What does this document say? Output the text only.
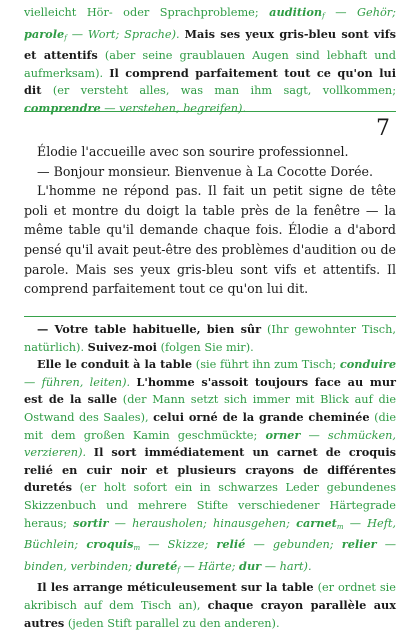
vielleicht Hör- oder Sprachprobleme; audition$_f$ — Gehör; parole$_f$ — Wort; Sprache). Mais ses yeux gris-bleu sont vifs et attentifs (aber seine graublauen Augen sind lebhaft und aufmerksam). Il comprend parfaitement tout ce qu'on lui dit (er versteht alles, was man ihm sagt, vollkommen; comprendre — verstehen, begreifen).
7

Élodie l'accueille avec son sourire professionnel.

— Bonjour monsieur. Bienvenue à La Cocotte Dorée.

L'homme ne répond pas. Il fait un petit signe de tête poli et montre du doigt la table près de la fenêtre — la même table qu'il demande chaque fois. Élodie a d'abord pensé qu'il avait peut-être des problèmes d'audition ou de parole. Mais ses yeux gris-bleu sont vifs et attentifs. Il comprend parfaitement tout ce qu'on lui dit.

— Votre table habituelle, bien sûr (Ihr gewohnter Tisch, natürlich). Suivez-moi (folgen Sie mir).

Elle le conduit à la table (sie führt ihn zum Tisch; conduire — führen, leiten). L'homme s'assoit toujours face au mur est de la salle (der Mann setzt sich immer mit Blick auf die Ostwand des Saales), celui orné de la grande cheminée (die mit dem großen Kamin geschmückte; orner — schmücken, verzieren). Il sort immédiatement un carnet de croquis relié en cuir noir et plusieurs crayons de différentes duretés (er holt sofort ein in schwarzes Leder gebundenes Skizzenbuch und mehrere Stifte verschiedener Härtegrade heraus; sortir — herausholen; hinausgehen; carnet$_m$ — Heft, Büchlein; croquis$_m$ — Skizze; relié — gebunden; relier — binden, verbinden; dureté$_f$ — Härte; dur — hart).

Il les arrange méticuleusement sur la table (er ordnet sie akribisch auf dem Tisch an), chaque crayon parallèle aux autres (jeden Stift parallel zu den anderen).
